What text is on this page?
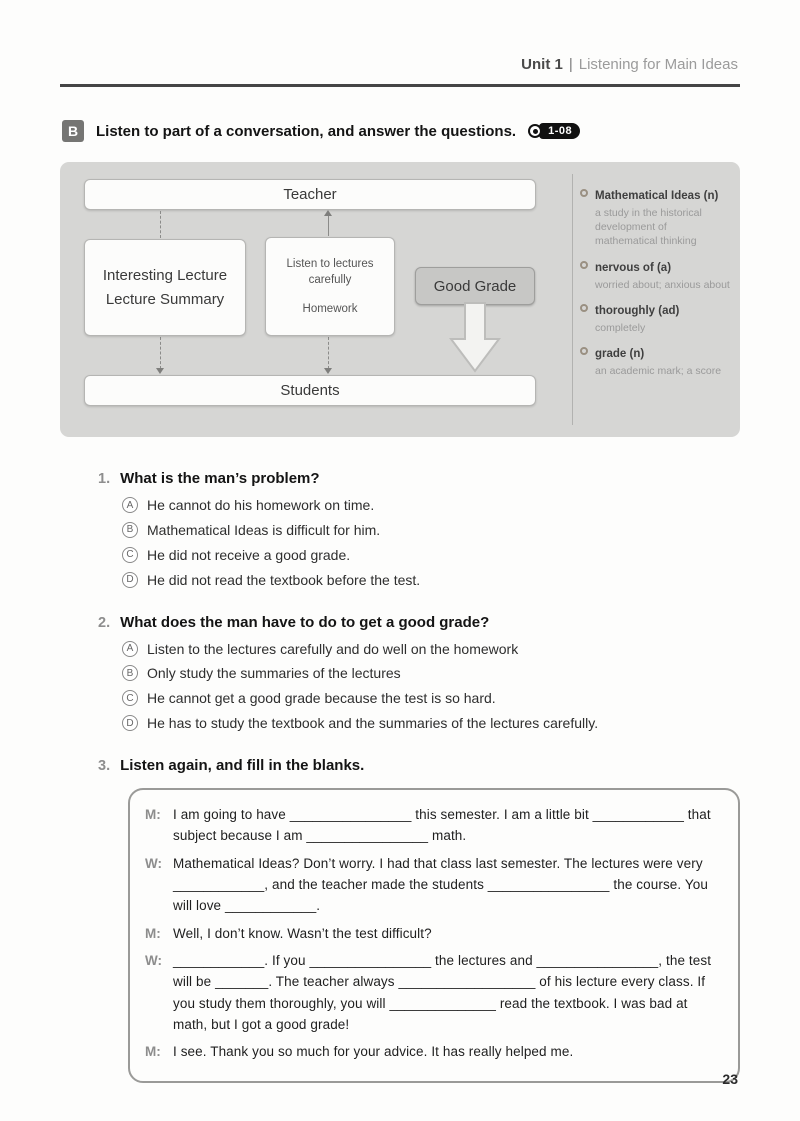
Unit 1 | Listening for Main Ideas
B	Listen to part of a conversation, and answer the questions.	1-08
Teacher
Interesting Lecture
Lecture Summary
Listen to lectures
carefully
Homework
Good Grade
Students
Mathematical Ideas (n)
a study in the historical development of mathematical thinking
nervous of (a)
worried about; anxious about
thoroughly (ad)
completely
grade (n)
an academic mark; a score
1. What is the man’s problem?
A He cannot do his homework on time.
B Mathematical Ideas is difficult for him.
C He did not receive a good grade.
D He did not read the textbook before the test.
2. What does the man have to do to get a good grade?
A Listen to the lectures carefully and do well on the homework
B Only study the summaries of the lectures
C He cannot get a good grade because the test is so hard.
D He has to study the textbook and the summaries of the lectures carefully.
3. Listen again, and fill in the blanks.
M: I am going to have ________________ this semester. I am a little bit ____________ that subject because I am ________________ math.
W: Mathematical Ideas? Don’t worry. I had that class last semester. The lectures were very ____________, and the teacher made the students ________________ the course. You will love ____________.
M: Well, I don’t know. Wasn’t the test difficult?
W: ____________. If you ________________ the lectures and ________________, the test will be _______. The teacher always __________________ of his lecture every class. If you study them thoroughly, you will ______________ read the textbook. I was bad at math, but I got a good grade!
M: I see. Thank you so much for your advice. It has really helped me.
23
